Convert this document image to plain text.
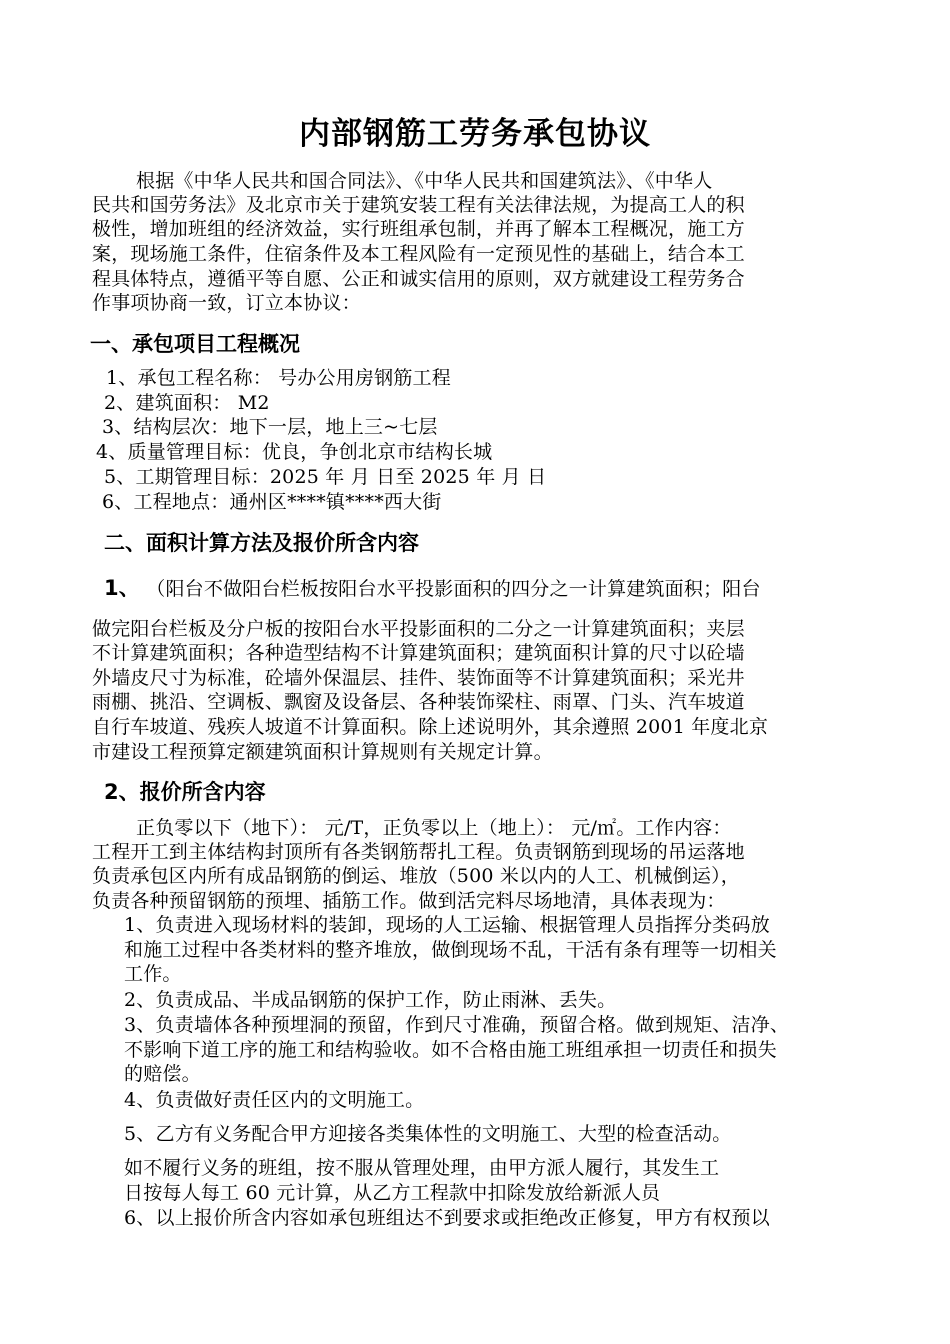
内部钢筋工劳务承包协议
根据《中华人民共和国合同法》、《中华人民共和国建筑法》、《中华人
民共和国劳务法》及北京市关于建筑安装工程有关法律法规，为提高工人的积
极性，增加班组的经济效益，实行班组承包制，并再了解本工程概况，施工方
案，现场施工条件，住宿条件及本工程风险有一定预见性的基础上，结合本工
程具体特点，遵循平等自愿、公正和诚实信用的原则，双方就建设工程劳务合
作事项协商一致，订立本协议：
一、承包项目工程概况
1、承包工程名称： 号办公用房钢筋工程
2、建筑面积： M2
3、结构层次：地下一层，地上三~七层
4、质量管理目标：优良，争创北京市结构长城
5、工期管理目标：2025 年 月 日至 2025 年 月 日
6、工程地点：通州区****镇****西大街
二、面积计算方法及报价所含内容
1、 （阳台不做阳台栏板按阳台水平投影面积的四分之一计算建筑面积；阳台
做完阳台栏板及分户板的按阳台水平投影面积的二分之一计算建筑面积；夹层
不计算建筑面积；各种造型结构不计算建筑面积；建筑面积计算的尺寸以砼墙
外墙皮尺寸为标准，砼墙外保温层、挂件、装饰面等不计算建筑面积；采光井
雨棚、挑沿、空调板、飘窗及设备层、各种装饰梁柱、雨罩、门头、汽车坡道
自行车坡道、残疾人坡道不计算面积。除上述说明外，其余遵照 2001 年度北京
市建设工程预算定额建筑面积计算规则有关规定计算。
2、报价所含内容
正负零以下（地下）： 元/T，正负零以上（地上）： 元/㎡。工作内容：
工程开工到主体结构封顶所有各类钢筋帮扎工程。负责钢筋到现场的吊运落地
负责承包区内所有成品钢筋的倒运、堆放（500 米以内的人工、机械倒运），
负责各种预留钢筋的预埋、插筋工作。做到活完料尽场地清，具体表现为：
1、负责进入现场材料的装卸，现场的人工运输、根据管理人员指挥分类码放
和施工过程中各类材料的整齐堆放，做倒现场不乱，干活有条有理等一切相关
工作。
2、负责成品、半成品钢筋的保护工作，防止雨淋、丢失。
3、负责墙体各种预埋洞的预留，作到尺寸准确，预留合格。做到规矩、洁净、
不影响下道工序的施工和结构验收。如不合格由施工班组承担一切责任和损失
的赔偿。
4、负责做好责任区内的文明施工。
5、乙方有义务配合甲方迎接各类集体性的文明施工、大型的检查活动。
如不履行义务的班组，按不服从管理处理，由甲方派人履行，其发生工
日按每人每工 60 元计算，从乙方工程款中扣除发放给新派人员
6、以上报价所含内容如承包班组达不到要求或拒绝改正修复，甲方有权预以
